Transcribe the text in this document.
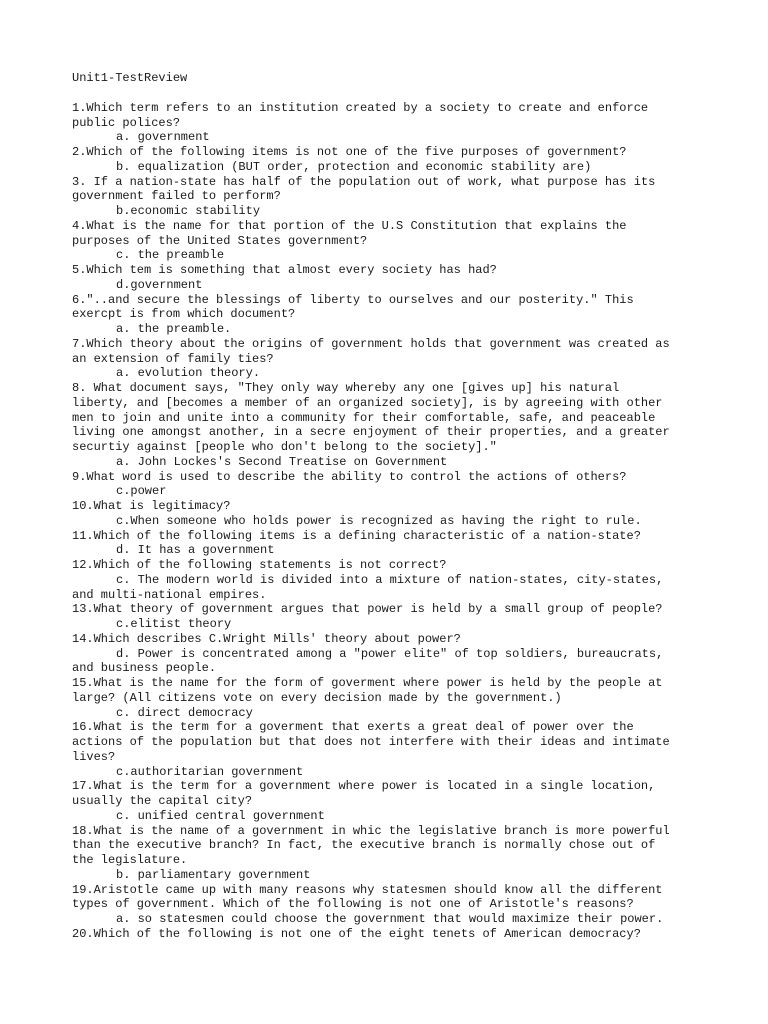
Unit1-TestReview
1.Which term refers to an institution created by a society to create and enforce
public polices?
a. government
2.Which of the following items is not one of the five purposes of government?
b. equalization (BUT order, protection and economic stability are)
3. If a nation-state has half of the population out of work, what purpose has its
government failed to perform?
b.economic stability
4.What is the name for that portion of the U.S Constitution that explains the
purposes of the United States government?
c. the preamble
5.Which tem is something that almost every society has had?
d.government
6."..and secure the blessings of liberty to ourselves and our posterity." This
exercpt is from which document?
a. the preamble.
7.Which theory about the origins of government holds that government was created as
an extension of family ties?
a. evolution theory.
8. What document says, "They only way whereby any one [gives up] his natural
liberty, and [becomes a member of an organized society], is by agreeing with other
men to join and unite into a community for their comfortable, safe, and peaceable
living one amongst another, in a secre enjoyment of their properties, and a greater
securtiy against [people who don't belong to the society]."
a. John Lockes's Second Treatise on Government
9.What word is used to describe the ability to control the actions of others?
c.power
10.What is legitimacy?
c.When someone who holds power is recognized as having the right to rule.
11.Which of the following items is a defining characteristic of a nation-state?
d. It has a government
12.Which of the following statements is not correct?
c. The modern world is divided into a mixture of nation-states, city-states,
and multi-national empires.
13.What theory of government argues that power is held by a small group of people?
c.elitist theory
14.Which describes C.Wright Mills' theory about power?
d. Power is concentrated among a "power elite" of top soldiers, bureaucrats,
and business people.
15.What is the name for the form of goverment where power is held by the people at
large? (All citizens vote on every decision made by the government.)
c. direct democracy
16.What is the term for a goverment that exerts a great deal of power over the
actions of the population but that does not interfere with their ideas and intimate
lives?
c.authoritarian government
17.What is the term for a government where power is located in a single location,
usually the capital city?
c. unified central government
18.What is the name of a government in whic the legislative branch is more powerful
than the executive branch? In fact, the executive branch is normally chose out of
the legislature.
b. parliamentary government
19.Aristotle came up with many reasons why statesmen should know all the different
types of government. Which of the following is not one of Aristotle's reasons?
a. so statesmen could choose the government that would maximize their power.
20.Which of the following is not one of the eight tenets of American democracy?
